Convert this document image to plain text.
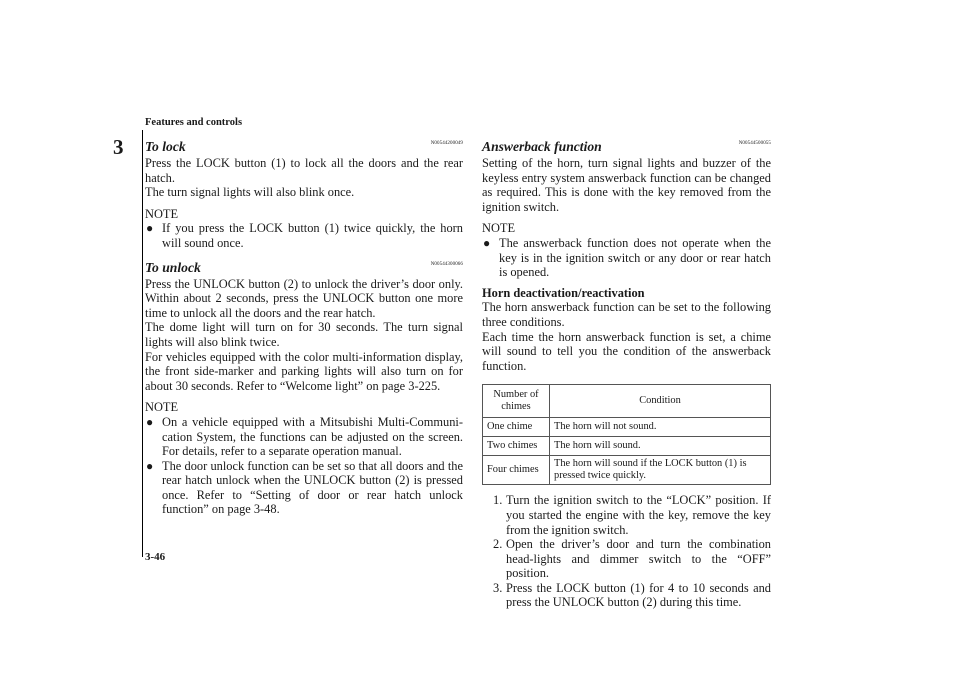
Features and controls
3 To lock	N00544200049

Press the LOCK button (1) to lock all the doors and the rear hatch.

The turn signal lights will also blink once.

NOTE
● If you press the LOCK button (1) twice quickly, the horn will sound once.
To unlock	N00544300066

Press the UNLOCK button (2) to unlock the driver’s door only. Within about 2 seconds, press the UNLOCK button one more time to unlock all the doors and the rear hatch.

The dome light will turn on for 30 seconds. The turn signal lights will also blink twice.

For vehicles equipped with the color multi-information display, the front side-marker and parking lights will also turn on for about 30 seconds. Refer to “Welcome light” on page 3-225.

NOTE
● On a vehicle equipped with a Mitsubishi Multi-Communi-cation System, the functions can be adjusted on the screen. For details, refer to a separate operation manual.
● The door unlock function can be set so that all doors and the rear hatch unlock when the UNLOCK button (2) is pressed once. Refer to “Setting of door or rear hatch unlock function” on page 3-48.
Answerback function	N00544500055

Setting of the horn, turn signal lights and buzzer of the keyless entry system answerback function can be changed as required. This is done with the key removed from the ignition switch.

NOTE
● The answerback function does not operate when the key is in the ignition switch or any door or rear hatch is opened.
Horn deactivation/reactivation

The horn answerback function can be set to the following three conditions.

Each time the horn answerback function is set, a chime will sound to tell you the condition of the answerback function.

Number of chimes	Condition
One chime	The horn will not sound.
Two chimes	The horn will sound.
Four chimes	The horn will sound if the LOCK button (1) is pressed twice quickly.
1. Turn the ignition switch to the “LOCK” position. If you started the engine with the key, remove the key from the ignition switch.
2. Open the driver’s door and turn the combination head-lights and dimmer switch to the “OFF” position.
3. Press the LOCK button (1) for 4 to 10 seconds and press the UNLOCK button (2) during this time.
3-46
